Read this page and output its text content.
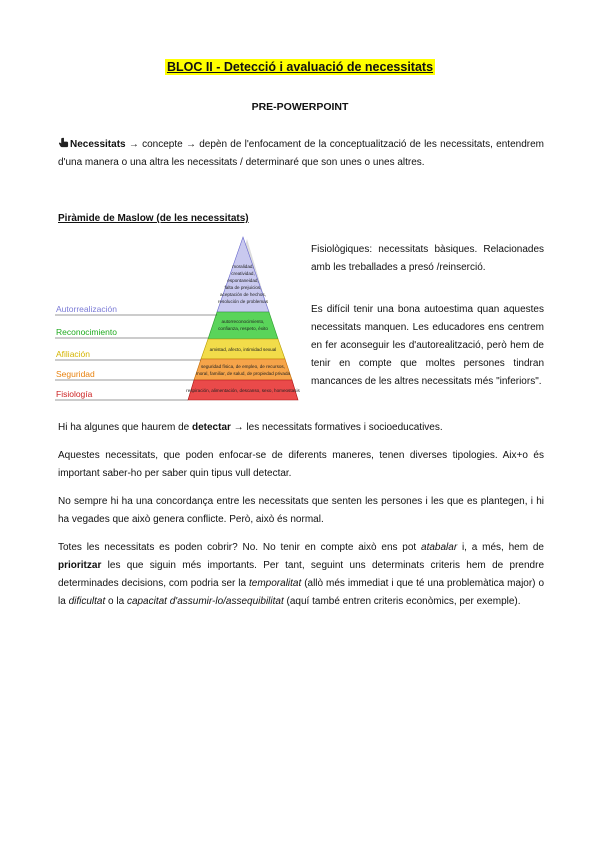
BLOC II - Detecció i avaluació de necessitats
PRE-POWERPOINT
Necessitats → concepte → depèn de l'enfocament de la conceptualització de les necessitats, entendrem d'una manera o una altra les necessitats / determinaré que son unes o unes altres.
Piràmide de Maslow (de les necessitats)
Autorrealización
Reconocimiento
Afiliación
Seguridad
Fisiología
moralidad,
creatividad,
espontaneidad,
falta de prejuicios,
aceptación de hechos,
resolución de problemas
autorreconocimiento,
confianza, respeto, éxito
amistad, afecto, intimidad sexual
seguridad física, de empleo, de recursos,
moral, familiar, de salud, de propiedad privada
respiración, alimentación, descanso, sexo, homeostasis
Fisiològiques: necessitats bàsiques. Relacionades amb les treballades a presó /reinserció.
Es difícil tenir una bona autoestima quan aquestes necessitats manquen. Les educadores ens centrem en fer aconseguir les d'autorealització, però hem de tenir en compte que moltes persones tindran mancances de les altres necessitats més "inferiors".
Hi ha algunes que haurem de detectar → les necessitats formatives i socioeducatives.
Aquestes necessitats, que poden enfocar-se de diferents maneres, tenen diverses tipologies. Aix+o és important saber-ho per saber quin tipus vull detectar.
No sempre hi ha una concordança entre les necessitats que senten les persones i les que es plantegen, i hi ha vegades que això genera conflicte. Però, això és normal.
Totes les necessitats es poden cobrir? No. No tenir en compte això ens pot atabalar i, a més, hem de prioritzar les que siguin més importants. Per tant, seguint uns determinats criteris hem de prendre determinades decisions, com podria ser la temporalitat (allò més immediat i que té una problemàtica major) o la dificultat o la capacitat d'assumir-lo/assequibilitat (aquí també entren criteris econòmics, per exemple).
